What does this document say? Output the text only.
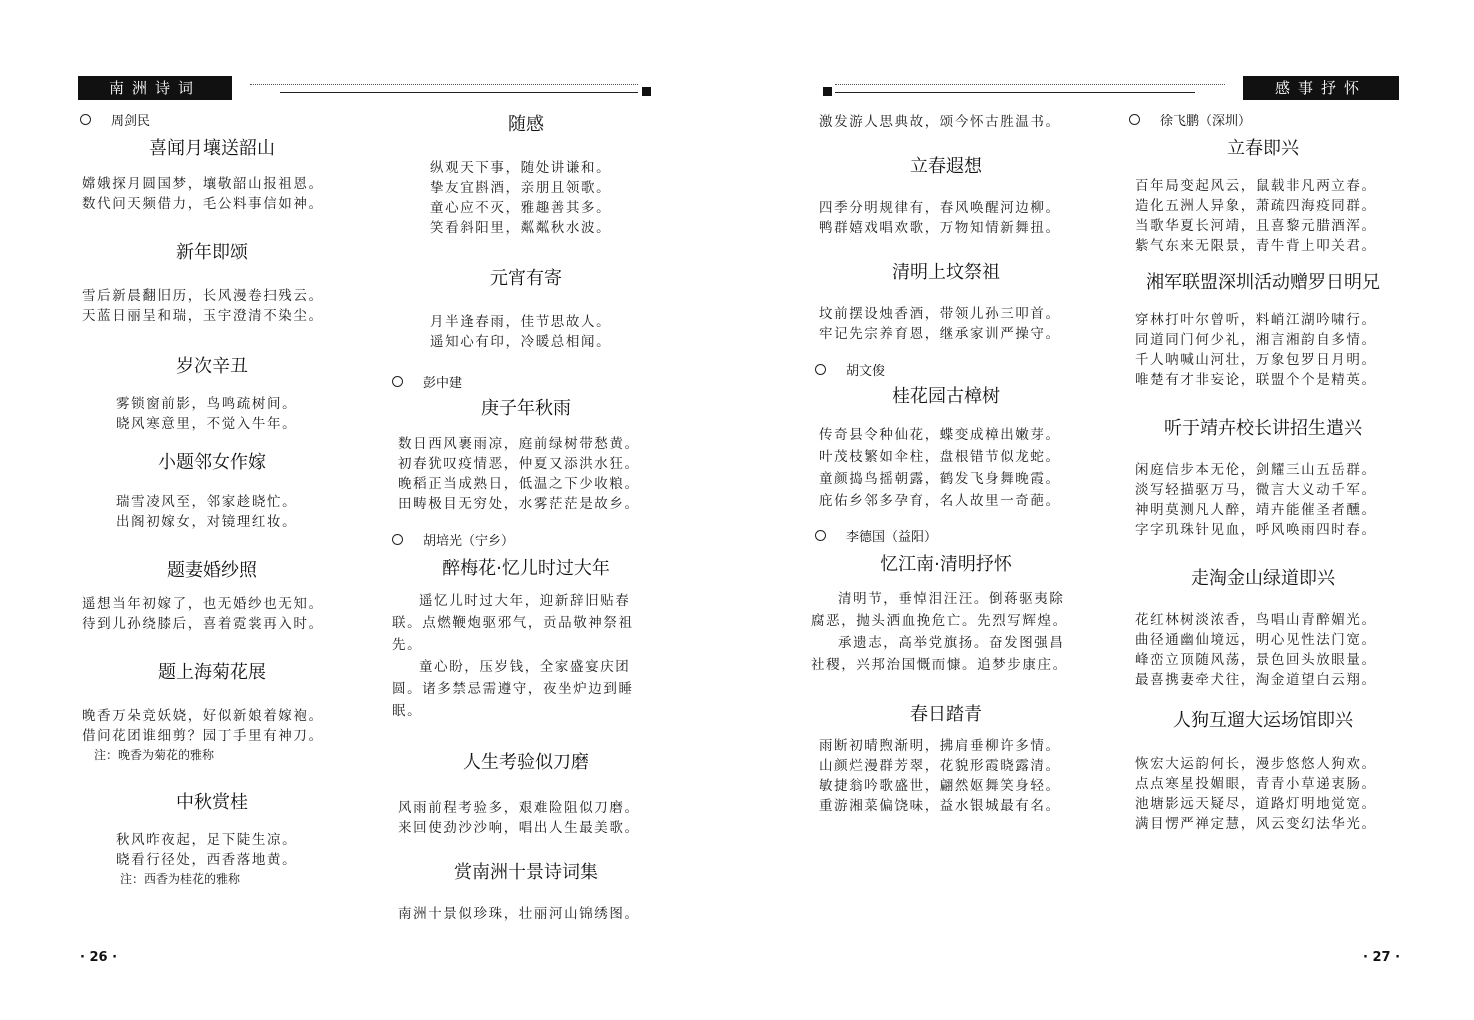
南洲诗词

周剑民

喜闻月壤送韶山

嫦娥探月圆国梦，壤敬韶山报祖恩。
数代问天频借力，毛公料事信如神。

新年即颂

雪后新晨翻旧历，长风漫卷扫残云。
天蓝日丽呈和瑞，玉宇澄清不染尘。

岁次辛丑

雾锁窗前影，鸟鸣疏树间。
晓风寒意里，不觉入牛年。

小题邻女作嫁

瑞雪凌风至，邻家趁晓忙。
出阁初嫁女，对镜理红妆。

题妻婚纱照

遥想当年初嫁了，也无婚纱也无知。
待到儿孙绕膝后，喜着霓裳再入时。

题上海菊花展

晚香万朵竞妖娆，好似新娘着嫁袍。
借问花团谁细剪？园丁手里有神刀。

注：晚香为菊花的雅称

中秋赏桂

秋风昨夜起，足下陡生凉。
晓看行径处，西香落地黄。

注：西香为桂花的雅称

随感

纵观天下事，随处讲谦和。
挚友宜斟酒，亲朋且领歌。
童心应不灭，雅趣善其多。
笑看斜阳里，粼粼秋水波。

元宵有寄

月半逢春雨，佳节思故人。
遥知心有印，冷暖总相闻。

彭中建

庚子年秋雨

数日西风裹雨凉，庭前绿树带愁黄。
初春犹叹疫情恶，仲夏又添洪水狂。
晚稻正当成熟日，低温之下少收粮。
田畴极目无穷处，水雾茫茫是故乡。

胡培光（宁乡）

醉梅花·忆儿时过大年

遥忆儿时过大年，迎新辞旧贴春联。点燃鞭炮驱邪气，贡品敬神祭祖先。

童心盼，压岁钱，全家盛宴庆团圆。诸多禁忌需遵守，夜坐炉边到睡眠。

人生考验似刀磨

风雨前程考验多，艰难险阻似刀磨。
来回使劲沙沙响，唱出人生最美歌。

赏南洲十景诗词集

南洲十景似珍珠，壮丽河山锦绣图。
· 26 ·
感事抒怀
激发游人思典故，颂今怀古胜温书。

立春遐想

四季分明规律有，春风唤醒河边柳。
鸭群嬉戏唱欢歌，万物知情新舞扭。

清明上坟祭祖

坟前摆设烛香酒，带领儿孙三叩首。
牢记先宗养育恩，继承家训严操守。

胡文俊

桂花园古樟树

传奇县令种仙花，蝶变成樟出嫩芽。
叶茂枝繁如伞柱，盘根错节似龙蛇。
童颜捣鸟摇朝露，鹤发飞身舞晚霞。
庇佑乡邻多孕育，名人故里一奇葩。

李德国（益阳）

忆江南·清明抒怀

清明节，垂悼泪汪汪。倒蒋驱夷除腐恶，抛头洒血挽危亡。先烈写辉煌。

承遗志，高举党旗扬。奋发图强昌社稷，兴邦治国慨而慷。追梦步康庄。

春日踏青

雨断初晴煦渐明，拂肩垂柳许多情。
山颜烂漫群芳翠，花貌形霞晓露清。
敏捷翁吟歌盛世，翩然妪舞笑身轻。
重游湘菜偏饶味，益水银城最有名。

徐飞鹏（深圳）

立春即兴

百年局变起风云，鼠载非凡两立春。
造化五洲人异象，萧疏四海疫同群。
当歌华夏长河靖，且喜黎元腊酒浑。
紫气东来无限景，青牛背上叩关君。

湘军联盟深圳活动赠罗日明兄

穿林打叶尔曾听，料峭江湖吟啸行。
同道同门何少礼，湘言湘韵自多情。
千人呐喊山河壮，万象包罗日月明。
唯楚有才非妄论，联盟个个是精英。

听于靖卉校长讲招生遣兴

闲庭信步本无伦，剑耀三山五岳群。
淡写轻描驱万马，微言大义动千军。
神明莫测凡人醉，靖卉能催圣者醺。
字字玑珠针见血，呼风唤雨四时春。

走淘金山绿道即兴

花红林树淡浓香，鸟唱山青醉媚光。
曲径通幽仙境远，明心见性法门宽。
峰峦立顶随风荡，景色回头放眼量。
最喜携妻牵犬往，淘金道望白云翔。

人狗互遛大运场馆即兴

恢宏大运韵何长，漫步悠悠人狗欢。
点点寒星投媚眼，青青小草递衷肠。
池塘影远天疑尽，道路灯明地觉宽。
满目愣严禅定慧，风云变幻法华光。
· 27 ·
